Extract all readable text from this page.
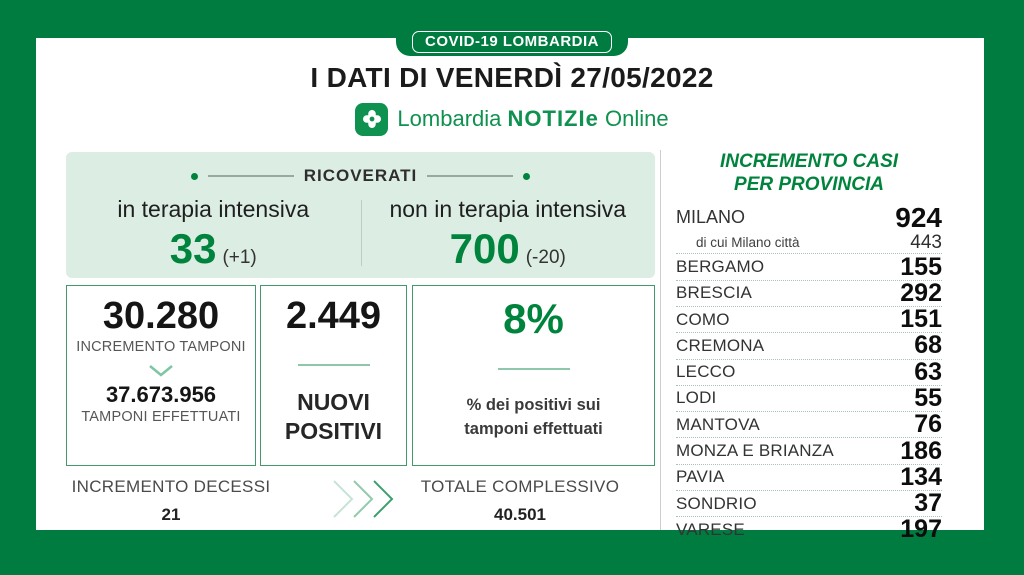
COVID-19 LOMBARDIA
I DATI DI VENERDÌ 27/05/2022
Lombardia NOTIZIe Online
RICOVERATI
in terapia intensiva
33 (+1)
non in terapia intensiva
700 (-20)
30.280
INCREMENTO TAMPONI
37.673.956
TAMPONI EFFETTUATI
2.449
NUOVI
POSITIVI
8%
% dei positivi sui
tamponi effettuati
INCREMENTO DECESSI
21
TOTALE COMPLESSIVO
40.501
INCREMENTO CASI
PER PROVINCIA
MILANO	924
di cui Milano città	443
BERGAMO	155
BRESCIA	292
COMO	151
CREMONA	68
LECCO	63
LODI	55
MANTOVA	76
MONZA E BRIANZA	186
PAVIA	134
SONDRIO	37
VARESE	197
